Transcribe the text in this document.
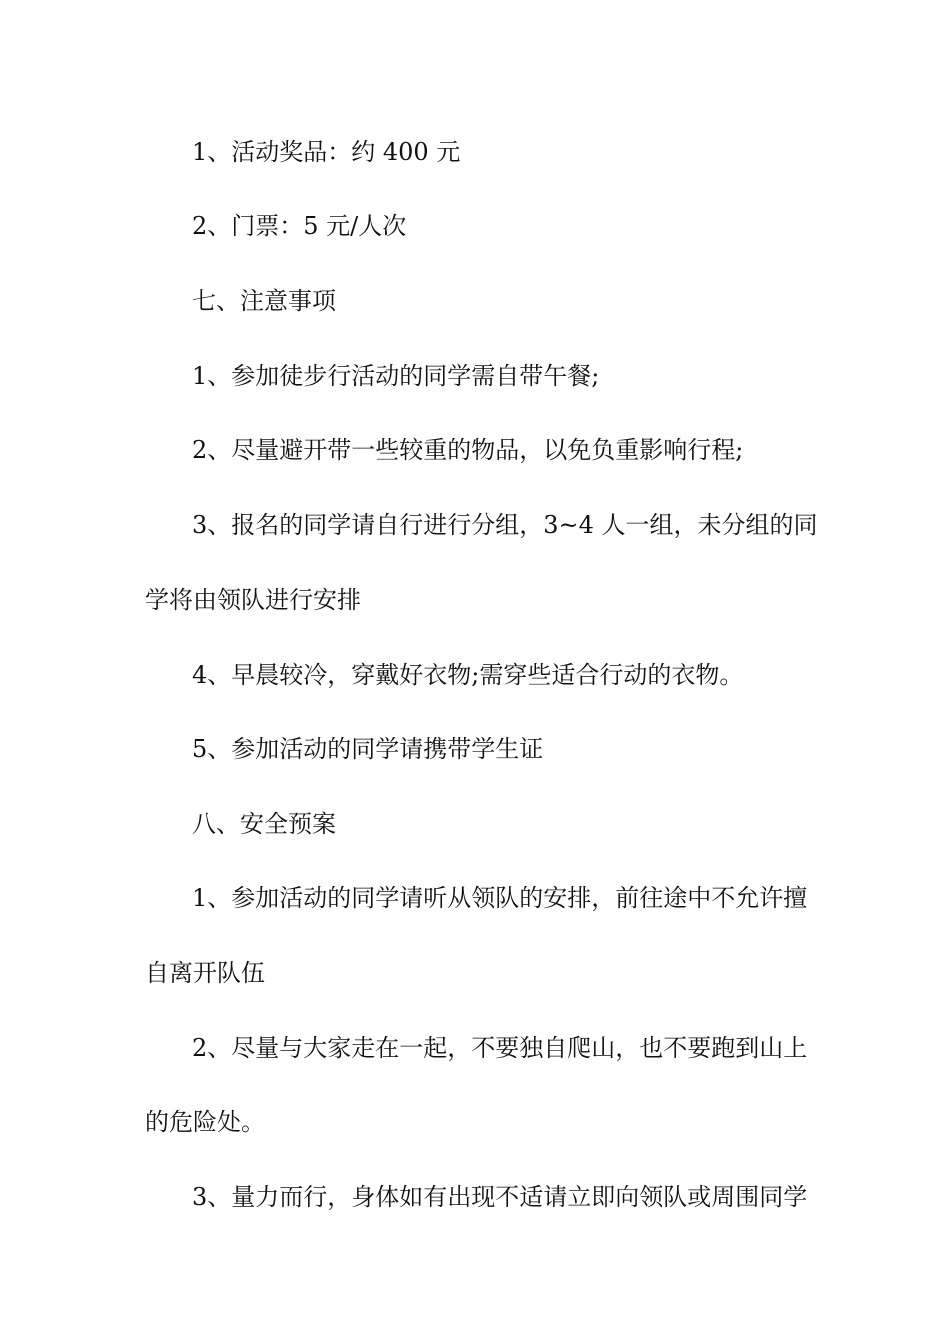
1、活动奖品：约 400 元

2、门票：5 元/人次

七、注意事项

1、参加徒步行活动的同学需自带午餐;

2、尽量避开带一些较重的物品，以免负重影响行程;

3、报名的同学请自行进行分组，3~4 人一组，未分组的同

学将由领队进行安排

4、早晨较冷，穿戴好衣物;需穿些适合行动的衣物。

5、参加活动的同学请携带学生证

八、安全预案

1、参加活动的同学请听从领队的安排，前往途中不允许擅

自离开队伍

2、尽量与大家走在一起，不要独自爬山，也不要跑到山上

的危险处。

3、量力而行，身体如有出现不适请立即向领队或周围同学
